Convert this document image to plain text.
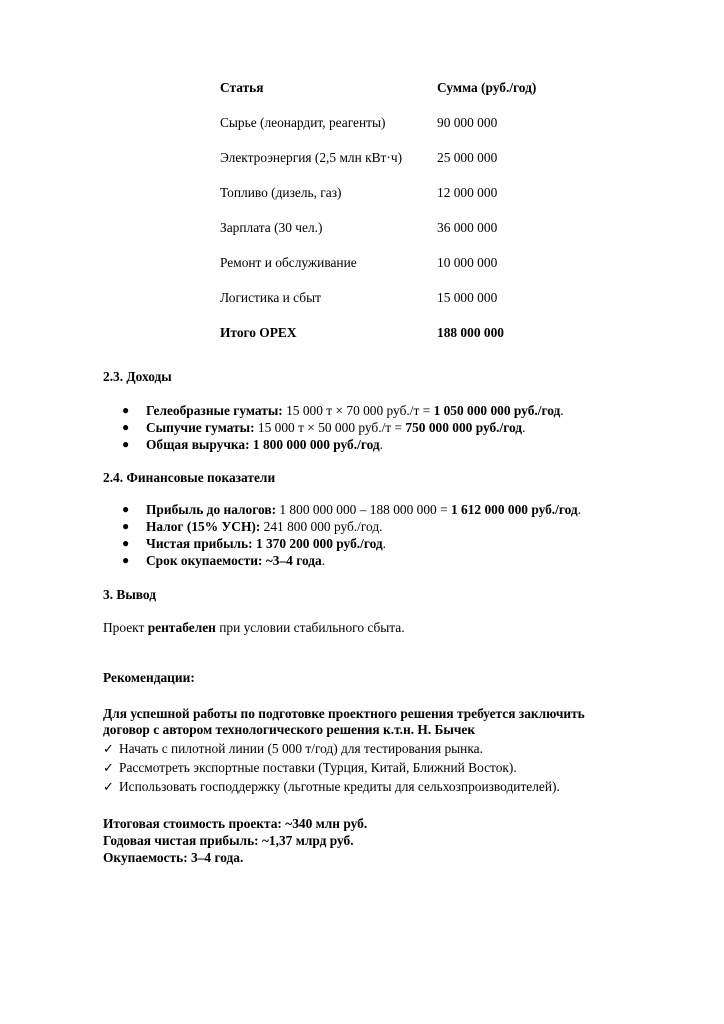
Статья	Сумма (руб./год)
Сырье (леонардит, реагенты)	90 000 000
Электроэнергия (2,5 млн кВт·ч)	25 000 000
Топливо (дизель, газ)	12 000 000
Зарплата (30 чел.)	36 000 000
Ремонт и обслуживание	10 000 000
Логистика и сбыт	15 000 000
Итого OPEX	188 000 000
2.3. Доходы
● Гелеобразные гуматы: 15 000 т × 70 000 руб./т = 1 050 000 000 руб./год.
● Сыпучие гуматы: 15 000 т × 50 000 руб./т = 750 000 000 руб./год.
● Общая выручка: 1 800 000 000 руб./год.
2.4. Финансовые показатели
● Прибыль до налогов: 1 800 000 000 – 188 000 000 = 1 612 000 000 руб./год.
● Налог (15% УСН): 241 800 000 руб./год.
● Чистая прибыль: 1 370 200 000 руб./год.
● Срок окупаемости: ~3–4 года.
3. Вывод
Проект рентабелен при условии стабильного сбыта.
Рекомендации:
Для успешной работы по подготовке проектного решения требуется заключить
договор с автором технологического решения к.т.н. Н. Бычек
✓ Начать с пилотной линии (5 000 т/год) для тестирования рынка.
✓ Рассмотреть экспортные поставки (Турция, Китай, Ближний Восток).
✓ Использовать господдержку (льготные кредиты для сельхозпроизводителей).
Итоговая стоимость проекта: ~340 млн руб.
Годовая чистая прибыль: ~1,37 млрд руб.
Окупаемость: 3–4 года.
